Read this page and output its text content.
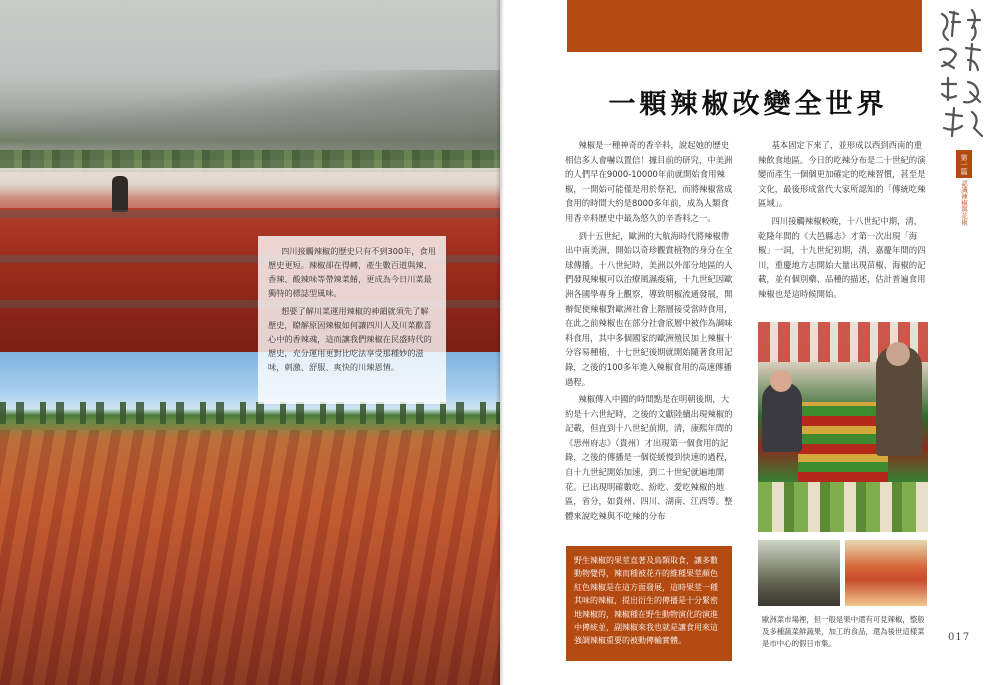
四川接觸辣椒的歷史只有不到300年，食用歷史更短。辣椒卻在得轉，產生數百道與辣、香辣、酸辣味等帶辣菜餚，更成為今日川菜最獨特的標誌型風味。

想要了解川菜運用辣椒的神韻就須先了解歷史，瞭解原因辣椒如何讓四川人及川菜歡喜心中的香辣魂，這而讓我們辣椒在民盛時代的歷史，充分運用更對比吃法享受那種妙的滋味，刺激、舒服、爽快的川辣恩情。

第一篇
認識辣椒與花椒
一顆辣椒改變全世界

辣椒是一種神奇的香辛料，說起她的歷史相信多人會嚇以置信！據目前的研究，中美洲的人們早在9000-10000年前就開始食用辣椒，一開始可能僅是用於祭祀，而將辣椒當成食用的時間大約是8000多年前，成為人類食用香辛料歷史中最為悠久的辛香料之一。

到十五世紀，歐洲的大航海時代將辣椒帶出中南美洲，開始以奇珍觀賞植物的身分在全球傳播。十八世紀時，美洲以外部分地區的人們發現辣椒可以治療風濕痠痛，十九世紀因歐洲各國學專身上觀察，導致明椒流通發展，開辦促使辣椒對歐洲社會上階層接受當時食用，在此之前辣椒也在部分社會底層中被作為調味料食用，其中多個國家的歐洲殖民加上辣椒十分容易種植，十七世紀後期就開始隨著食用記錄，之後的100多年進入辣椒食用的高速傳播過程。

辣椒傳入中國的時間點是在明朝後期，大約是十六世紀時，之後的文獻陸續出現辣椒的記載，但直到十八世紀前期，清，康熙年間的《思州府志》（貴州）才出現第一個食用的記錄，之後的傳播是一個從緩慢到快速的過程，自十九世紀開始加速，到二十世紀就遍地開花。已出現明確數吃、紛吃、愛吃辣椒的地區，省分，如貴州、四川、湖南、江西等。整體來說吃辣與不吃辣的分布

基本固定下來了，並形成以西到西南的重辣飲食地區。今日的吃辣分布是二十世紀的演變而產生一個個更加確定的吃辣習慣，甚至是文化，最後形成當代大家所認知的「傳統吃辣區域」。

四川接觸辣椒較晚，十八世紀中期，清，乾隆年間的《大邑縣志》才第一次出現「海椒」一詞，十九世紀初期，清，嘉慶年間的四川，重慶地方志開始大量出現苗椒、海椒的記載，並有個別藥、品種的描述，估計普遍食用辣椒也是這時候開始。

野生辣椒的果莖直著及鳥類取食，讓多數動物覺得，辣而種被花卉的維種果莖顏色紅色辣椒是在這方面發展，這時果莖一種其味的辣椒，提出衍生的傳播是十分緊密地辣椒的，辣椒種在野生動物演化的演進中傳統並，副辣椒來我也就是讓食用來這強調辣椒重要的被動傳輸實體。

歐洲菜市場裡，但一般是果中還有可見辣椒，整般及多種蔬菜鮮蔬果，加工的食品，還為後世這樣菜是市中心的假日市集。
017
